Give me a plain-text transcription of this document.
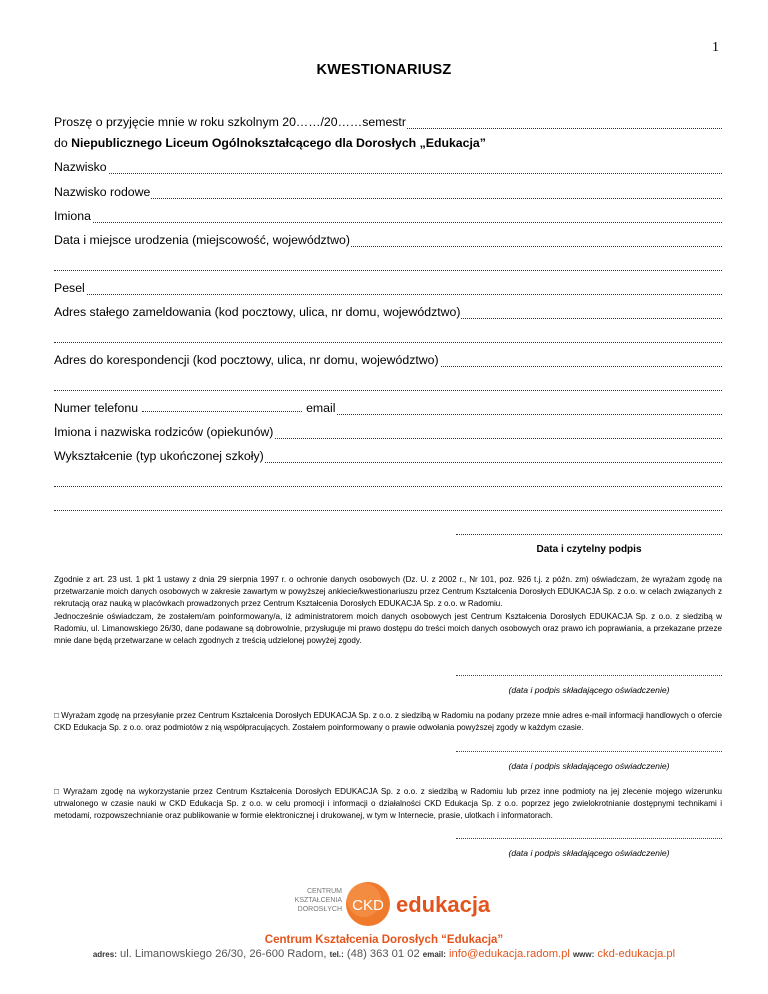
1
KWESTIONARIUSZ
Proszę o przyjęcie mnie w roku szkolnym 20……/20……semestr
do Niepublicznego Liceum Ogólnokształcącego dla Dorosłych „Edukacja”
Nazwisko
Nazwisko rodowe
Imiona
Data i miejsce urodzenia (miejscowość, województwo)
Pesel
Adres stałego zameldowania (kod pocztowy, ulica, nr domu, województwo)
Adres do korespondencji (kod pocztowy, ulica, nr domu, województwo)
Numer telefonu	email
Imiona i nazwiska rodziców (opiekunów)
Wykształcenie (typ ukończonej szkoły)
Data i czytelny podpis
Zgodnie z art. 23 ust. 1 pkt 1 ustawy z dnia 29 sierpnia 1997 r. o ochronie danych osobowych (Dz. U. z 2002 r., Nr 101, poz. 926 t.j. z późn. zm) oświadczam, że wyrażam zgodę na przetwarzanie moich danych osobowych w zakresie zawartym w powyższej ankiecie/kwestionariuszu przez Centrum Kształcenia Dorosłych EDUKACJA Sp. z o.o. w celach związanych z rekrutacją oraz nauką w placówkach prowadzonych przez Centrum Kształcenia Dorosłych EDUKACJA Sp. z o.o. w Radomiu.
Jednocześnie oświadczam, że zostałem/am poinformowany/a, iż administratorem moich danych osobowych jest Centrum Kształcenia Dorosłych EDUKACJA Sp. z o.o. z siedzibą w Radomiu, ul. Limanowskiego 26/30, dane podawane są dobrowolnie, przysługuje mi prawo dostępu do treści moich danych osobowych oraz prawo ich poprawiania, a przekazane przeze mnie dane będą przetwarzane w celach zgodnych z treścią udzielonej powyżej zgody.
(data i podpis składającego oświadczenie)
□ Wyrażam zgodę na przesyłanie przez Centrum Kształcenia Dorosłych EDUKACJA Sp. z o.o. z siedzibą w Radomiu na podany przeze mnie adres e-mail informacji handlowych o ofercie CKD Edukacja Sp. z o.o. oraz podmiotów z nią współpracujących. Zostałem poinformowany o prawie odwołania powyższej zgody w każdym czasie.
(data i podpis składającego oświadczenie)
□ Wyrażam zgodę na wykorzystanie przez Centrum Kształcenia Dorosłych EDUKACJA Sp. z o.o. z siedzibą w Radomiu lub przez inne podmioty na jej zlecenie mojego wizerunku utrwalonego w czasie nauki w CKD Edukacja Sp. z o.o. w celu promocji i informacji o działalności CKD Edukacja Sp. z o.o. poprzez jego zwielokrotnianie dostępnymi technikami i metodami, rozpowszechnianie oraz publikowanie w formie elektronicznej i drukowanej, w tym w Internecie, prasie, ulotkach i informatorach.
(data i podpis składającego oświadczenie)
CENTRUM
KSZTAŁCENIA
DOROSŁYCH CKD edukacja
Centrum Kształcenia Dorosłych “Edukacja”
adres: ul. Limanowskiego 26/30, 26-600 Radom, tel.: (48) 363 01 02 email: info@edukacja.radom.pl www: ckd-edukacja.pl
